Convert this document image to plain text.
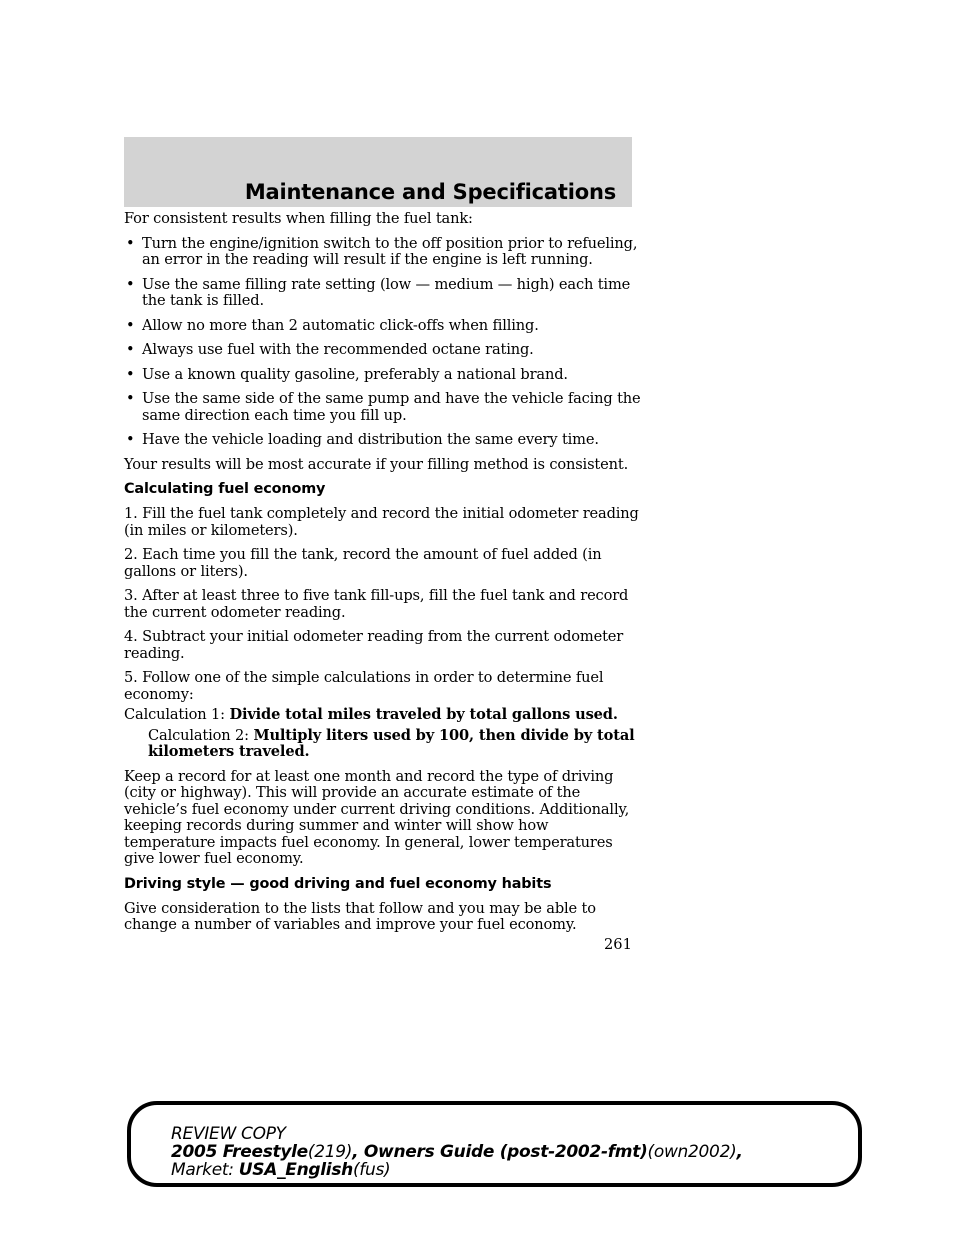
Maintenance and Specifications

For consistent results when filling the fuel tank:

• Turn the engine/ignition switch to the off position prior to refueling, an error in the reading will result if the engine is left running.
• Use the same filling rate setting (low — medium — high) each time the tank is filled.
• Allow no more than 2 automatic click-offs when filling.
• Always use fuel with the recommended octane rating.
• Use a known quality gasoline, preferably a national brand.
• Use the same side of the same pump and have the vehicle facing the same direction each time you fill up.
• Have the vehicle loading and distribution the same every time.

Your results will be most accurate if your filling method is consistent.

Calculating fuel economy

1. Fill the fuel tank completely and record the initial odometer reading (in miles or kilometers).

2. Each time you fill the tank, record the amount of fuel added (in gallons or liters).

3. After at least three to five tank fill-ups, fill the fuel tank and record the current odometer reading.

4. Subtract your initial odometer reading from the current odometer reading.

5. Follow one of the simple calculations in order to determine fuel economy:

Calculation 1: Divide total miles traveled by total gallons used.

Calculation 2: Multiply liters used by 100, then divide by total kilometers traveled.

Keep a record for at least one month and record the type of driving (city or highway). This will provide an accurate estimate of the vehicle’s fuel economy under current driving conditions. Additionally, keeping records during summer and winter will show how temperature impacts fuel economy. In general, lower temperatures give lower fuel economy.

Driving style — good driving and fuel economy habits

Give consideration to the lists that follow and you may be able to change a number of variables and improve your fuel economy.

261
REVIEW COPY
2005 Freestyle(219), Owners Guide (post-2002-fmt)(own2002),
Market: USA_English(fus)
